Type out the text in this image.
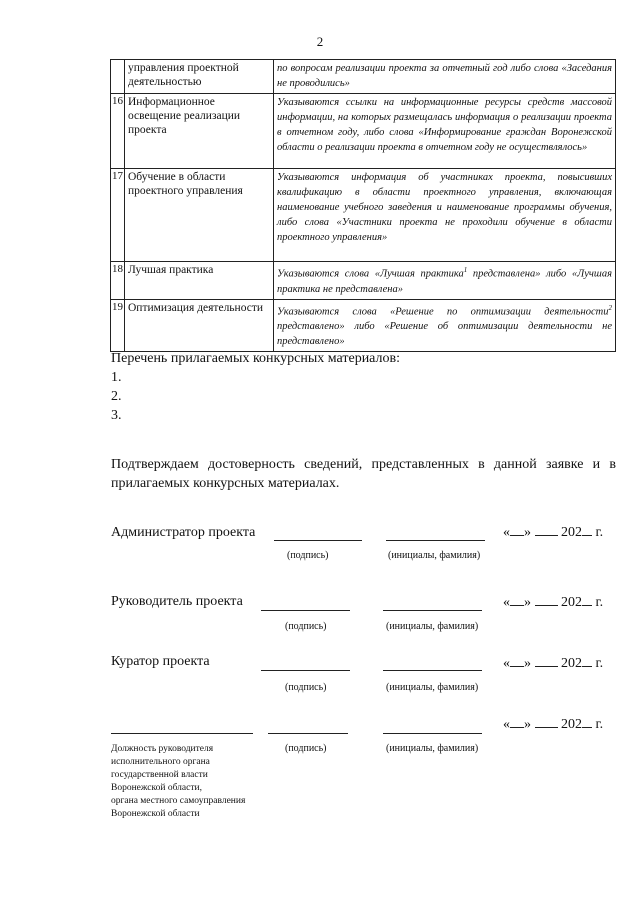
2
	управления проектной деятельностью	по вопросам реализации проекта за отчетный год либо слова «Заседания не проводились»
16	Информационное освещение реализации проекта	Указываются ссылки на информационные ресурсы средств массовой информации, на которых размещалась информация о реализации проекта в отчетном году, либо слова «Информирование граждан Воронежской области о реализации проекта в отчетном году не осуществлялось»
17	Обучение в области проектного управления	Указываются информация об участниках проекта, повысивших квалификацию в области проектного управления, включающая наименование учебного заведения и наименование программы обучения, либо слова «Участники проекта не проходили обучение в области проектного управления»
18	Лучшая практика	Указываются слова «Лучшая практика$^1$ представлена» либо «Лучшая практика не представлена»
19	Оптимизация деятельности	Указываются слова «Решение по оптимизации деятельности$^2$ представлено» либо «Решение об оптимизации деятельности не представлено»
Перечень прилагаемых конкурсных материалов:
1.
2.
3.
Подтверждаем достоверность сведений, представленных в данной заявке и в прилагаемых конкурсных материалах.
Администратор проекта
(подпись)	(инициалы, фамилия)
« » 202 г.
Руководитель проекта
(подпись)	(инициалы, фамилия)
« » 202 г.
Куратор проекта
(подпись)	(инициалы, фамилия)
« » 202 г.
(подпись)	(инициалы, фамилия)
« » 202 г.
Должность руководителя
исполнительного органа
государственной власти
Воронежской области,
органа местного самоуправления
Воронежской области
